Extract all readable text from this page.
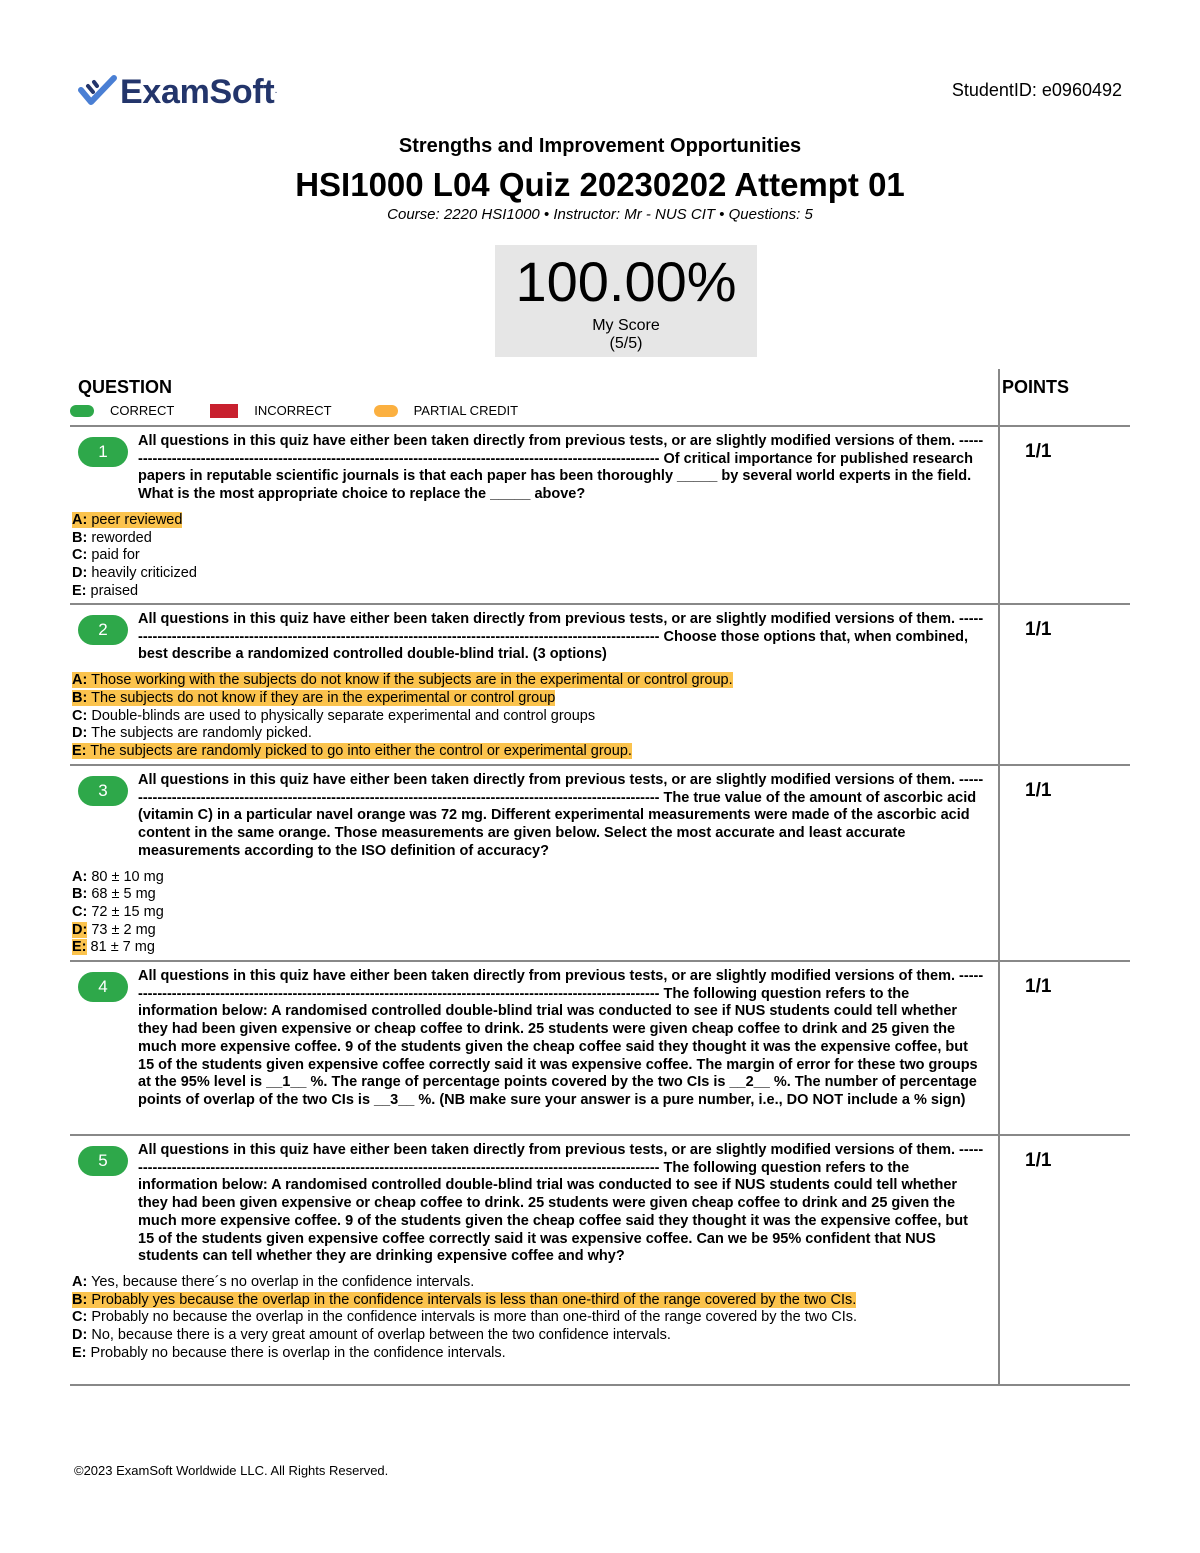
ExamSoft ·	StudentID: e0960492

Strengths and Improvement Opportunities

HSI1000 L04 Quiz 20230202 Attempt 01

Course: 2220 HSI1000 • Instructor: Mr - NUS CIT • Questions: 5

100.00%
My Score
(5/5)
QUESTION	POINTS
CORRECT	INCORRECT	PARTIAL CREDIT
1	1/1
All questions in this quiz have either been taken directly from previous tests, or are slightly modified versions of them. ----------------------------------------------------------------------------------------------------------------- Of critical importance for published research papers in reputable scientific journals is that each paper has been thoroughly _____ by several world experts in the field. What is the most appropriate choice to replace the _____ above?
A: peer reviewed
B: reworded
C: paid for
D: heavily criticized
E: praised
2	1/1
All questions in this quiz have either been taken directly from previous tests, or are slightly modified versions of them. ----------------------------------------------------------------------------------------------------------------- Choose those options that, when combined, best describe a randomized controlled double-blind trial. (3 options)
A: Those working with the subjects do not know if the subjects are in the experimental or control group.
B: The subjects do not know if they are in the experimental or control group
C: Double-blinds are used to physically separate experimental and control groups
D: The subjects are randomly picked.
E: The subjects are randomly picked to go into either the control or experimental group.
3	1/1
All questions in this quiz have either been taken directly from previous tests, or are slightly modified versions of them. ----------------------------------------------------------------------------------------------------------------- The true value of the amount of ascorbic acid (vitamin C) in a particular navel orange was 72 mg. Different experimental measurements were made of the ascorbic acid content in the same orange. Those measurements are given below. Select the most accurate and least accurate measurements according to the ISO definition of accuracy?
A: 80 ± 10 mg
B: 68 ± 5 mg
C: 72 ± 15 mg
D: 73 ± 2 mg
E: 81 ± 7 mg
4	1/1
All questions in this quiz have either been taken directly from previous tests, or are slightly modified versions of them. ----------------------------------------------------------------------------------------------------------------- The following question refers to the information below: A randomised controlled double-blind trial was conducted to see if NUS students could tell whether they had been given expensive or cheap coffee to drink. 25 students were given cheap coffee to drink and 25 given the much more expensive coffee. 9 of the students given the cheap coffee said they thought it was the expensive coffee, but 15 of the students given expensive coffee correctly said it was expensive coffee. The margin of error for these two groups at the 95% level is __1__ %. The range of percentage points covered by the two CIs is __2__ %. The number of percentage points of overlap of the two CIs is __3__ %. (NB make sure your answer is a pure number, i.e., DO NOT include a % sign)
5	1/1
All questions in this quiz have either been taken directly from previous tests, or are slightly modified versions of them. ----------------------------------------------------------------------------------------------------------------- The following question refers to the information below: A randomised controlled double-blind trial was conducted to see if NUS students could tell whether they had been given expensive or cheap coffee to drink. 25 students were given cheap coffee to drink and 25 given the much more expensive coffee. 9 of the students given the cheap coffee said they thought it was the expensive coffee, but 15 of the students given expensive coffee correctly said it was expensive coffee. Can we be 95% confident that NUS students can tell whether they are drinking expensive coffee and why?
A: Yes, because there´s no overlap in the confidence intervals.
B: Probably yes because the overlap in the confidence intervals is less than one-third of the range covered by the two CIs.
C: Probably no because the overlap in the confidence intervals is more than one-third of the range covered by the two CIs.
D: No, because there is a very great amount of overlap between the two confidence intervals.
E: Probably no because there is overlap in the confidence intervals.
©2023 ExamSoft Worldwide LLC. All Rights Reserved.
